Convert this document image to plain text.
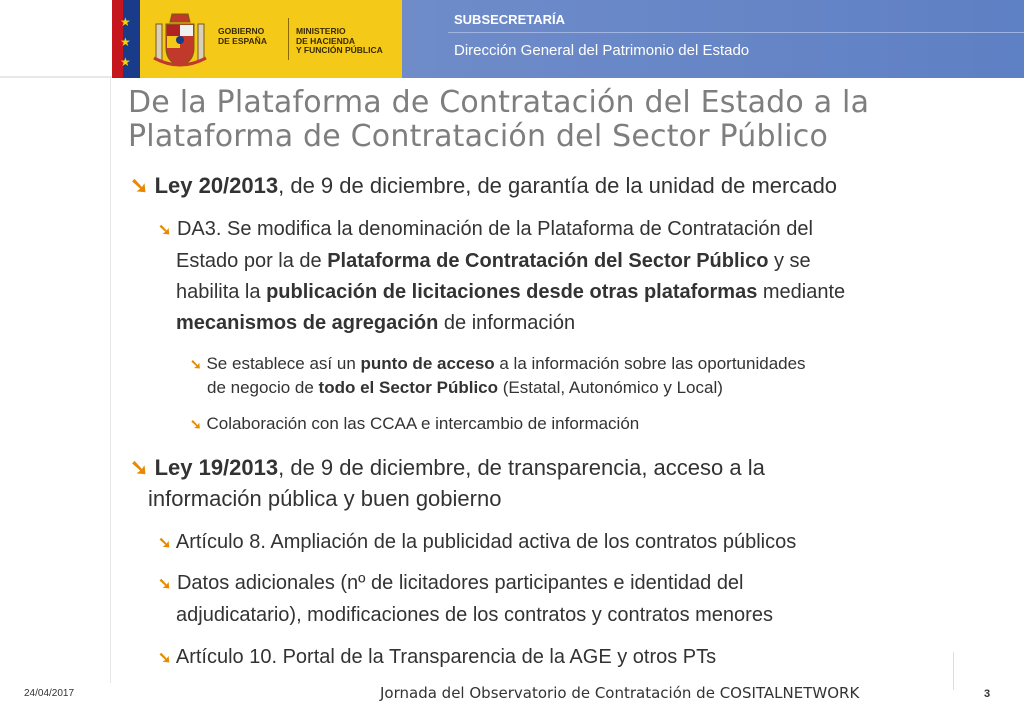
★
★
★
GOBIERNO
DE ESPAÑA
MINISTERIO
DE HACIENDA
Y FUNCIÓN PÚBLICA
SUBSECRETARÍA
Dirección General del Patrimonio del Estado
De la Plataforma de Contratación del Estado a la
Plataforma de Contratación del Sector Público
➘ Ley 20/2013, de 9 de diciembre, de garantía de la unidad de mercado
➘ DA3. Se modifica la denominación de la Plataforma de Contratación del
Estado por la de Plataforma de Contratación del Sector Público y se
habilita la publicación de licitaciones desde otras plataformas mediante
mecanismos de agregación de información
➘ Se establece así un punto de acceso a la información sobre las oportunidades
de negocio de todo el Sector Público (Estatal, Autonómico y Local)
➘ Colaboración con las CCAA e intercambio de información
➘ Ley 19/2013, de 9 de diciembre, de transparencia, acceso a la
información pública y buen gobierno
➘ Artículo 8. Ampliación de la publicidad activa de los contratos públicos
➘ Datos adicionales (nº de licitadores participantes e identidad del
adjudicatario), modificaciones de los contratos y contratos menores
➘ Artículo 10. Portal de la Transparencia de la AGE y otros PTs
24/04/2017	Jornada del Observatorio de Contratación de COSITALNETWORK	3
